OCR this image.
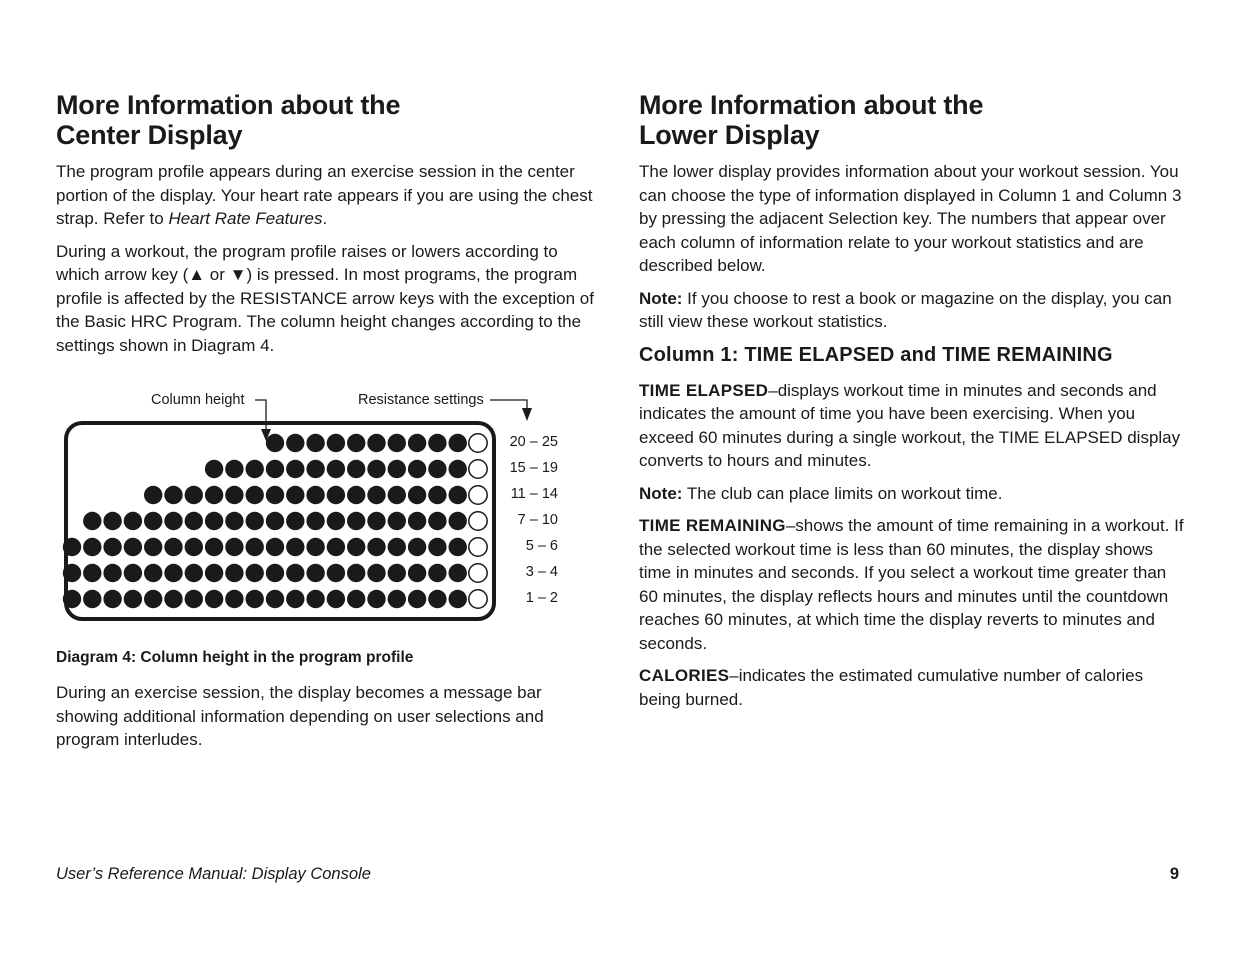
More Information about the
Center Display

The program profile appears during an exercise session in the center portion of the display. Your heart rate appears if you are using the chest strap. Refer to Heart Rate Features.

During a workout, the program profile raises or lowers according to which arrow key (▲ or ▼) is pressed. In most programs, the program profile is affected by the RESISTANCE arrow keys with the exception of the Basic HRC Program. The column height changes according to the settings shown in Diagram 4.

Column height	Resistance settings
20 – 25
15 – 19
11 – 14
7 – 10
5 – 6
3 – 4
1 – 2
Diagram 4: Column height in the program profile

During an exercise session, the display becomes a message bar showing additional information depending on user selections and program interludes.

More Information about the
Lower Display

The lower display provides information about your workout session. You can choose the type of information displayed in Column 1 and Column 3 by pressing the adjacent Selection key. The numbers that appear over each column of information relate to your workout statistics and are described below.

Note: If you choose to rest a book or magazine on the display, you can still view these workout statistics.

Column 1: TIME ELAPSED and TIME REMAINING

TIME ELAPSED–displays workout time in minutes and seconds and indicates the amount of time you have been exercising. When you exceed 60 minutes during a single workout, the TIME ELAPSED display converts to hours and minutes.

Note: The club can place limits on workout time.

TIME REMAINING–shows the amount of time remaining in a workout. If the selected workout time is less than 60 minutes, the display shows time in minutes and seconds. If you select a workout time greater than 60 minutes, the display reflects hours and minutes until the countdown reaches 60 minutes, at which time the display reverts to minutes and seconds.

CALORIES–indicates the estimated cumulative number of calories being burned.

User’s Reference Manual: Display Console	9
